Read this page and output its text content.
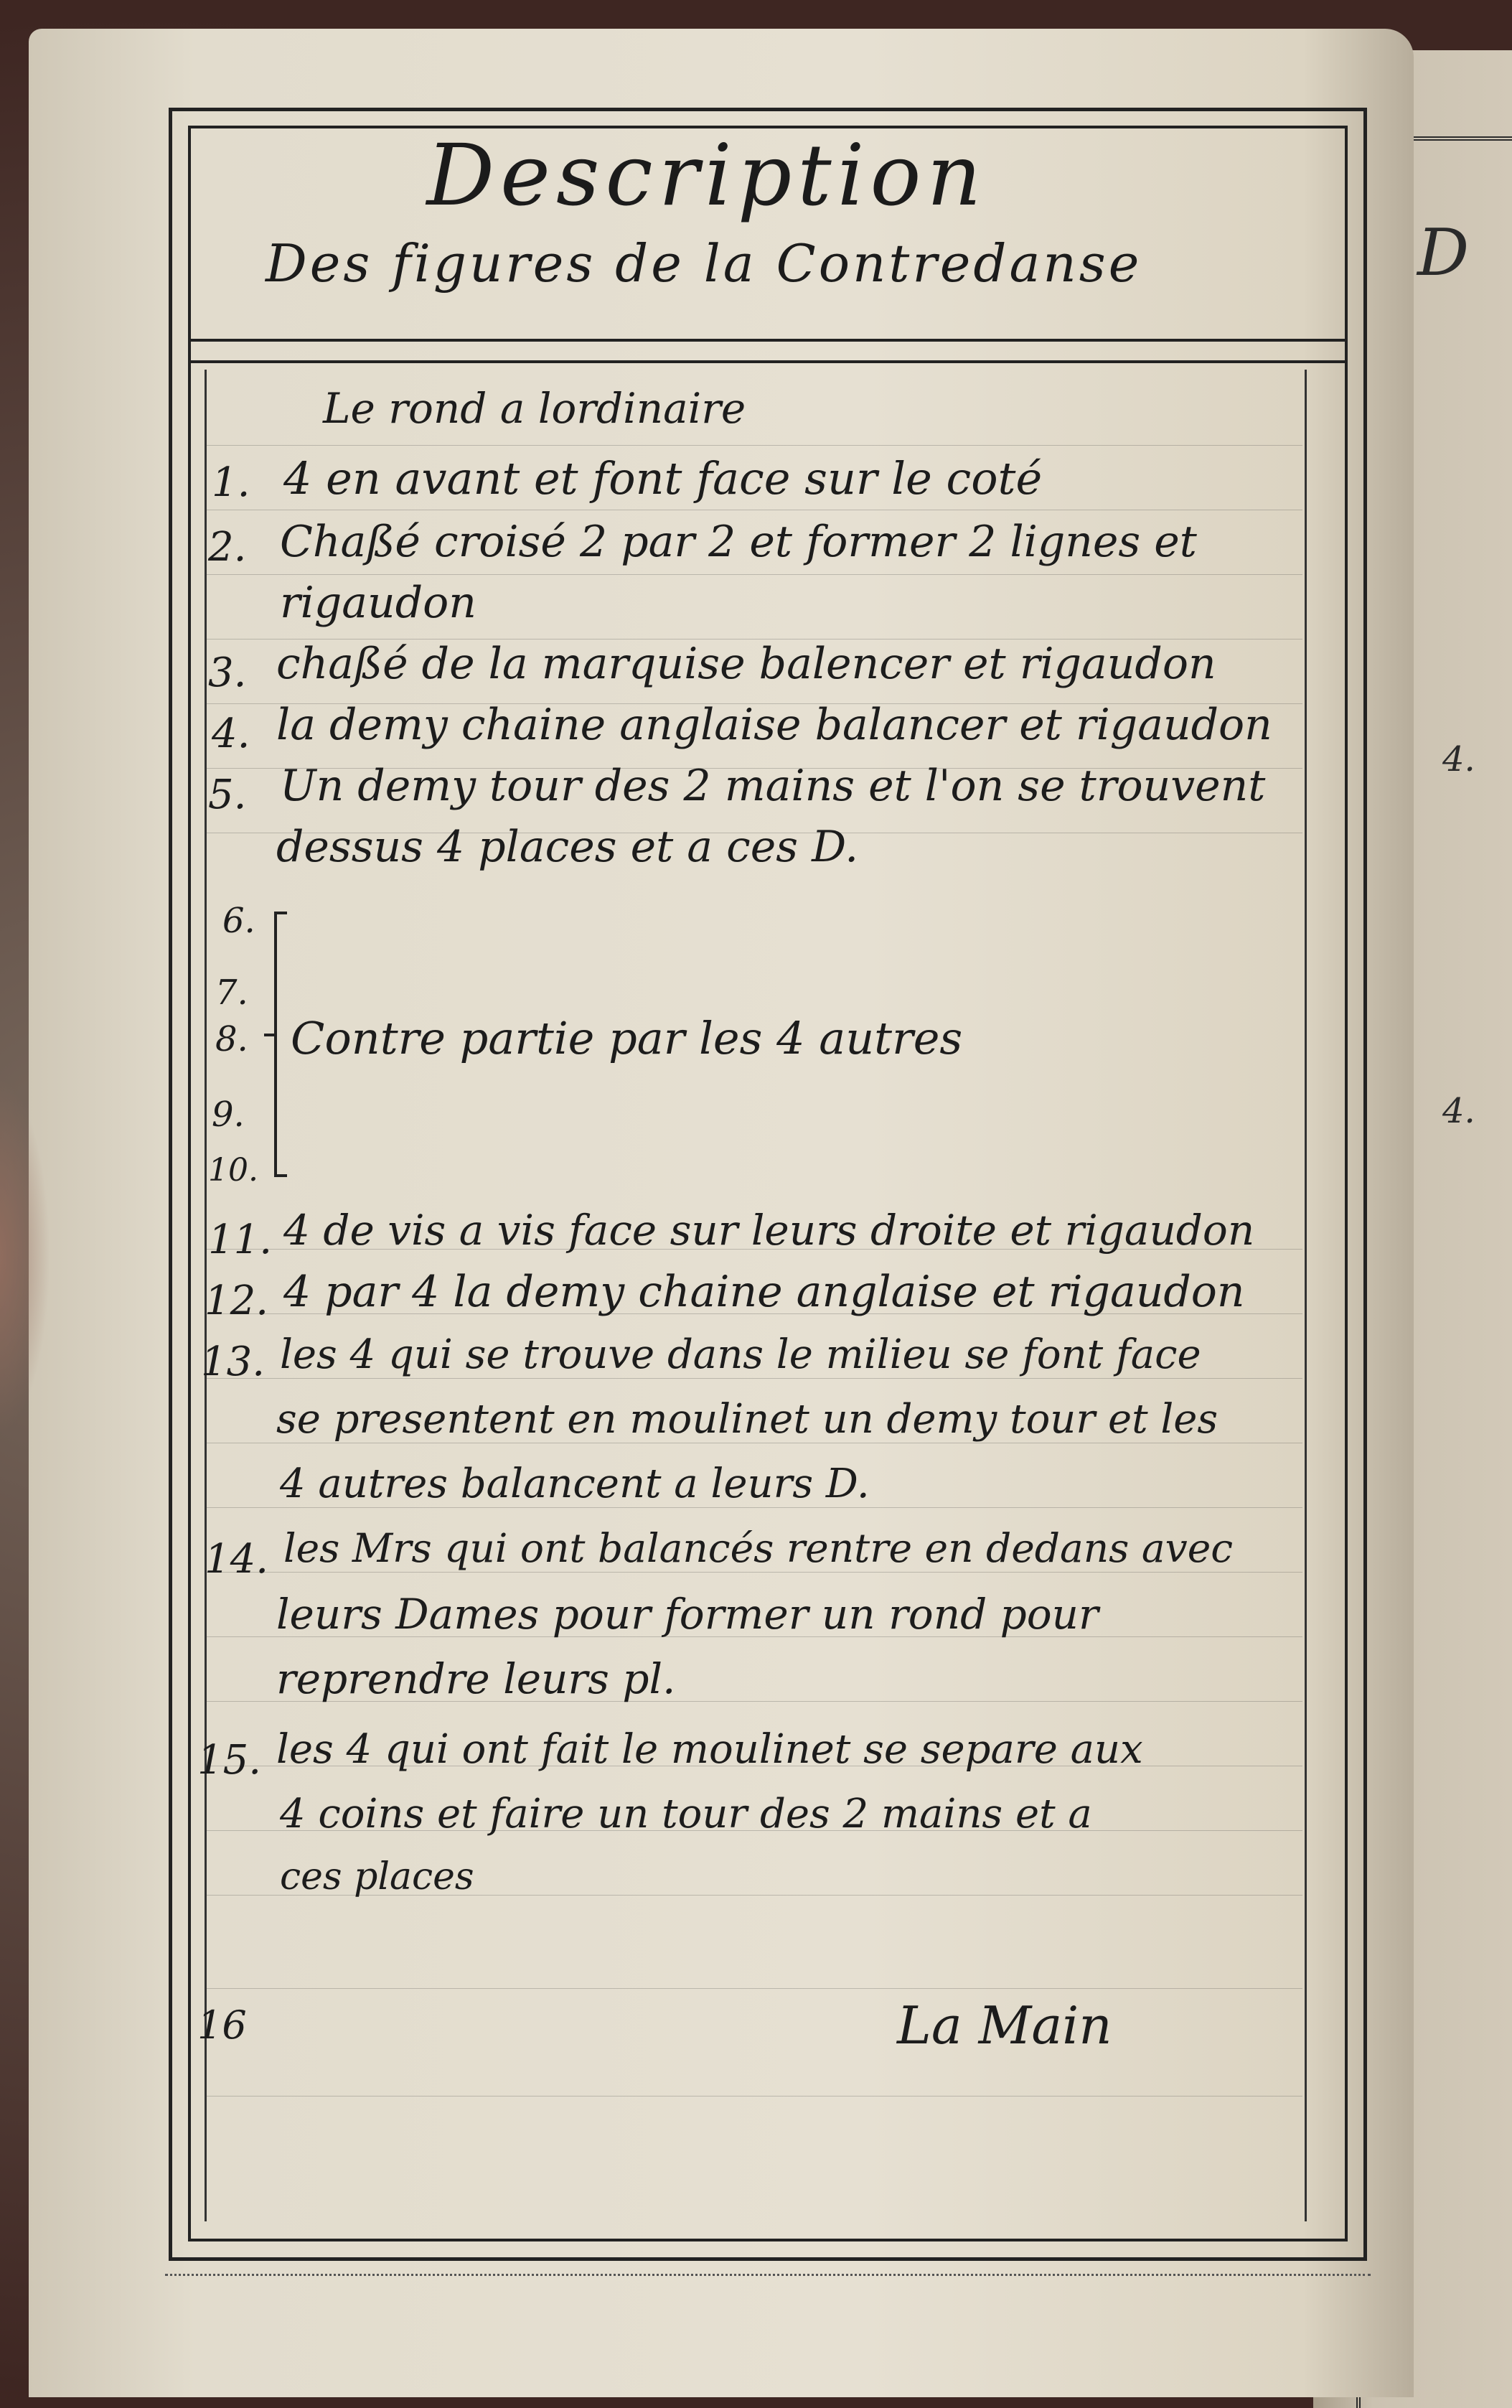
D
4.
4.
Description
Des figures de la Contredanse
Le rond a lordinaire
1. 4 en avant et font face sur le coté
2. Chaßé croisé 2 par 2 et former 2 lignes et
rigaudon
3. chaßé de la marquise balencer et rigaudon
4. la demy chaine anglaise balancer et rigaudon
5. Un demy tour des 2 mains et l'on se trouvent
dessus 4 places et a ces D.
6.
7.
8.
9.
10.
Contre partie par les 4 autres
11. 4 de vis a vis face sur leurs droite et rigaudon
12. 4 par 4 la demy chaine anglaise et rigaudon
13. les 4 qui se trouve dans le milieu se font face
se presentent en moulinet un demy tour et les
4 autres balancent a leurs D.
14. les Mrs qui ont balancés rentre en dedans avec
leurs Dames pour former un rond pour
reprendre leurs pl.
15. les 4 qui ont fait le moulinet se separe aux
4 coins et faire un tour des 2 mains et a
ces places
16	La Main
